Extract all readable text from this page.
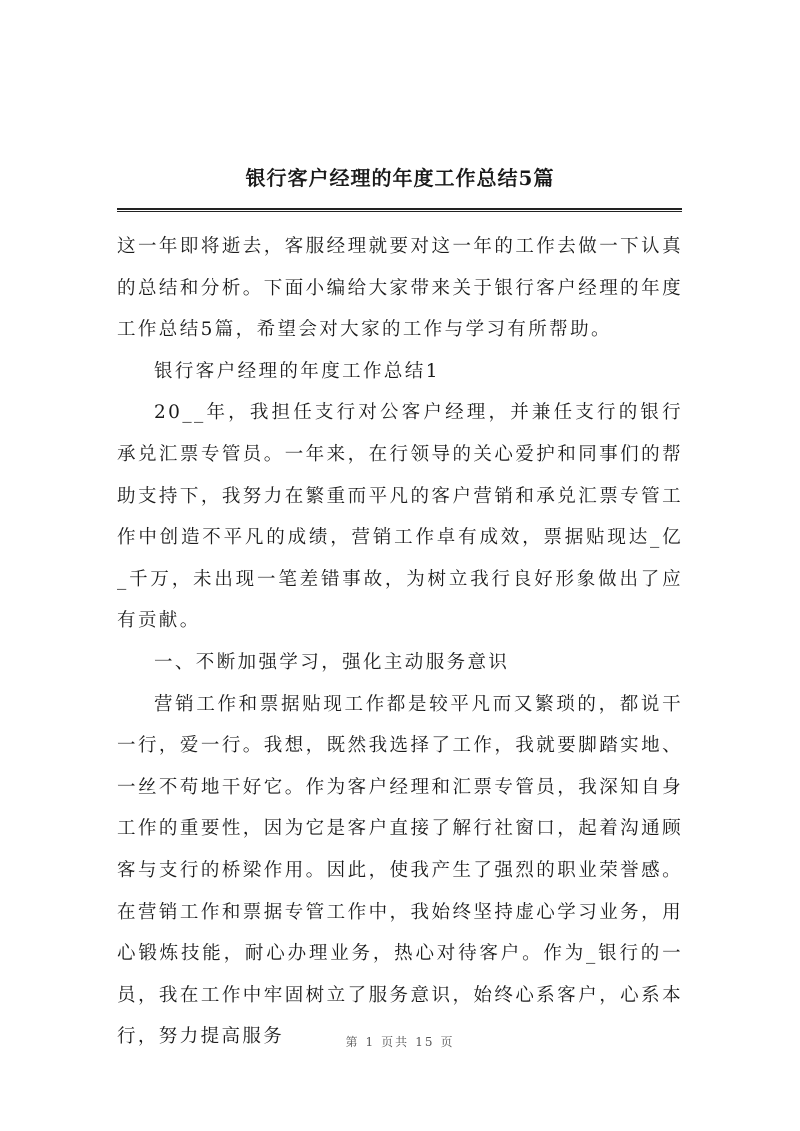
银行客户经理的年度工作总结5篇

这一年即将逝去，客服经理就要对这一年的工作去做一下认真的总结和分析。下面小编给大家带来关于银行客户经理的年度工作总结5篇，希望会对大家的工作与学习有所帮助。

银行客户经理的年度工作总结1

20__年，我担任支行对公客户经理，并兼任支行的银行承兑汇票专管员。一年来，在行领导的关心爱护和同事们的帮助支持下，我努力在繁重而平凡的客户营销和承兑汇票专管工作中创造不平凡的成绩，营销工作卓有成效，票据贴现达_亿_千万，未出现一笔差错事故，为树立我行良好形象做出了应有贡献。

一、不断加强学习，强化主动服务意识

营销工作和票据贴现工作都是较平凡而又繁琐的，都说干一行，爱一行。我想，既然我选择了工作，我就要脚踏实地、一丝不苟地干好它。作为客户经理和汇票专管员，我深知自身工作的重要性，因为它是客户直接了解行社窗口，起着沟通顾客与支行的桥梁作用。因此，使我产生了强烈的职业荣誉感。在营销工作和票据专管工作中，我始终坚持虚心学习业务，用心锻炼技能，耐心办理业务，热心对待客户。作为_银行的一员，我在工作中牢固树立了服务意识，始终心系客户，心系本行，努力提高服务	第 1 页共 15 页
